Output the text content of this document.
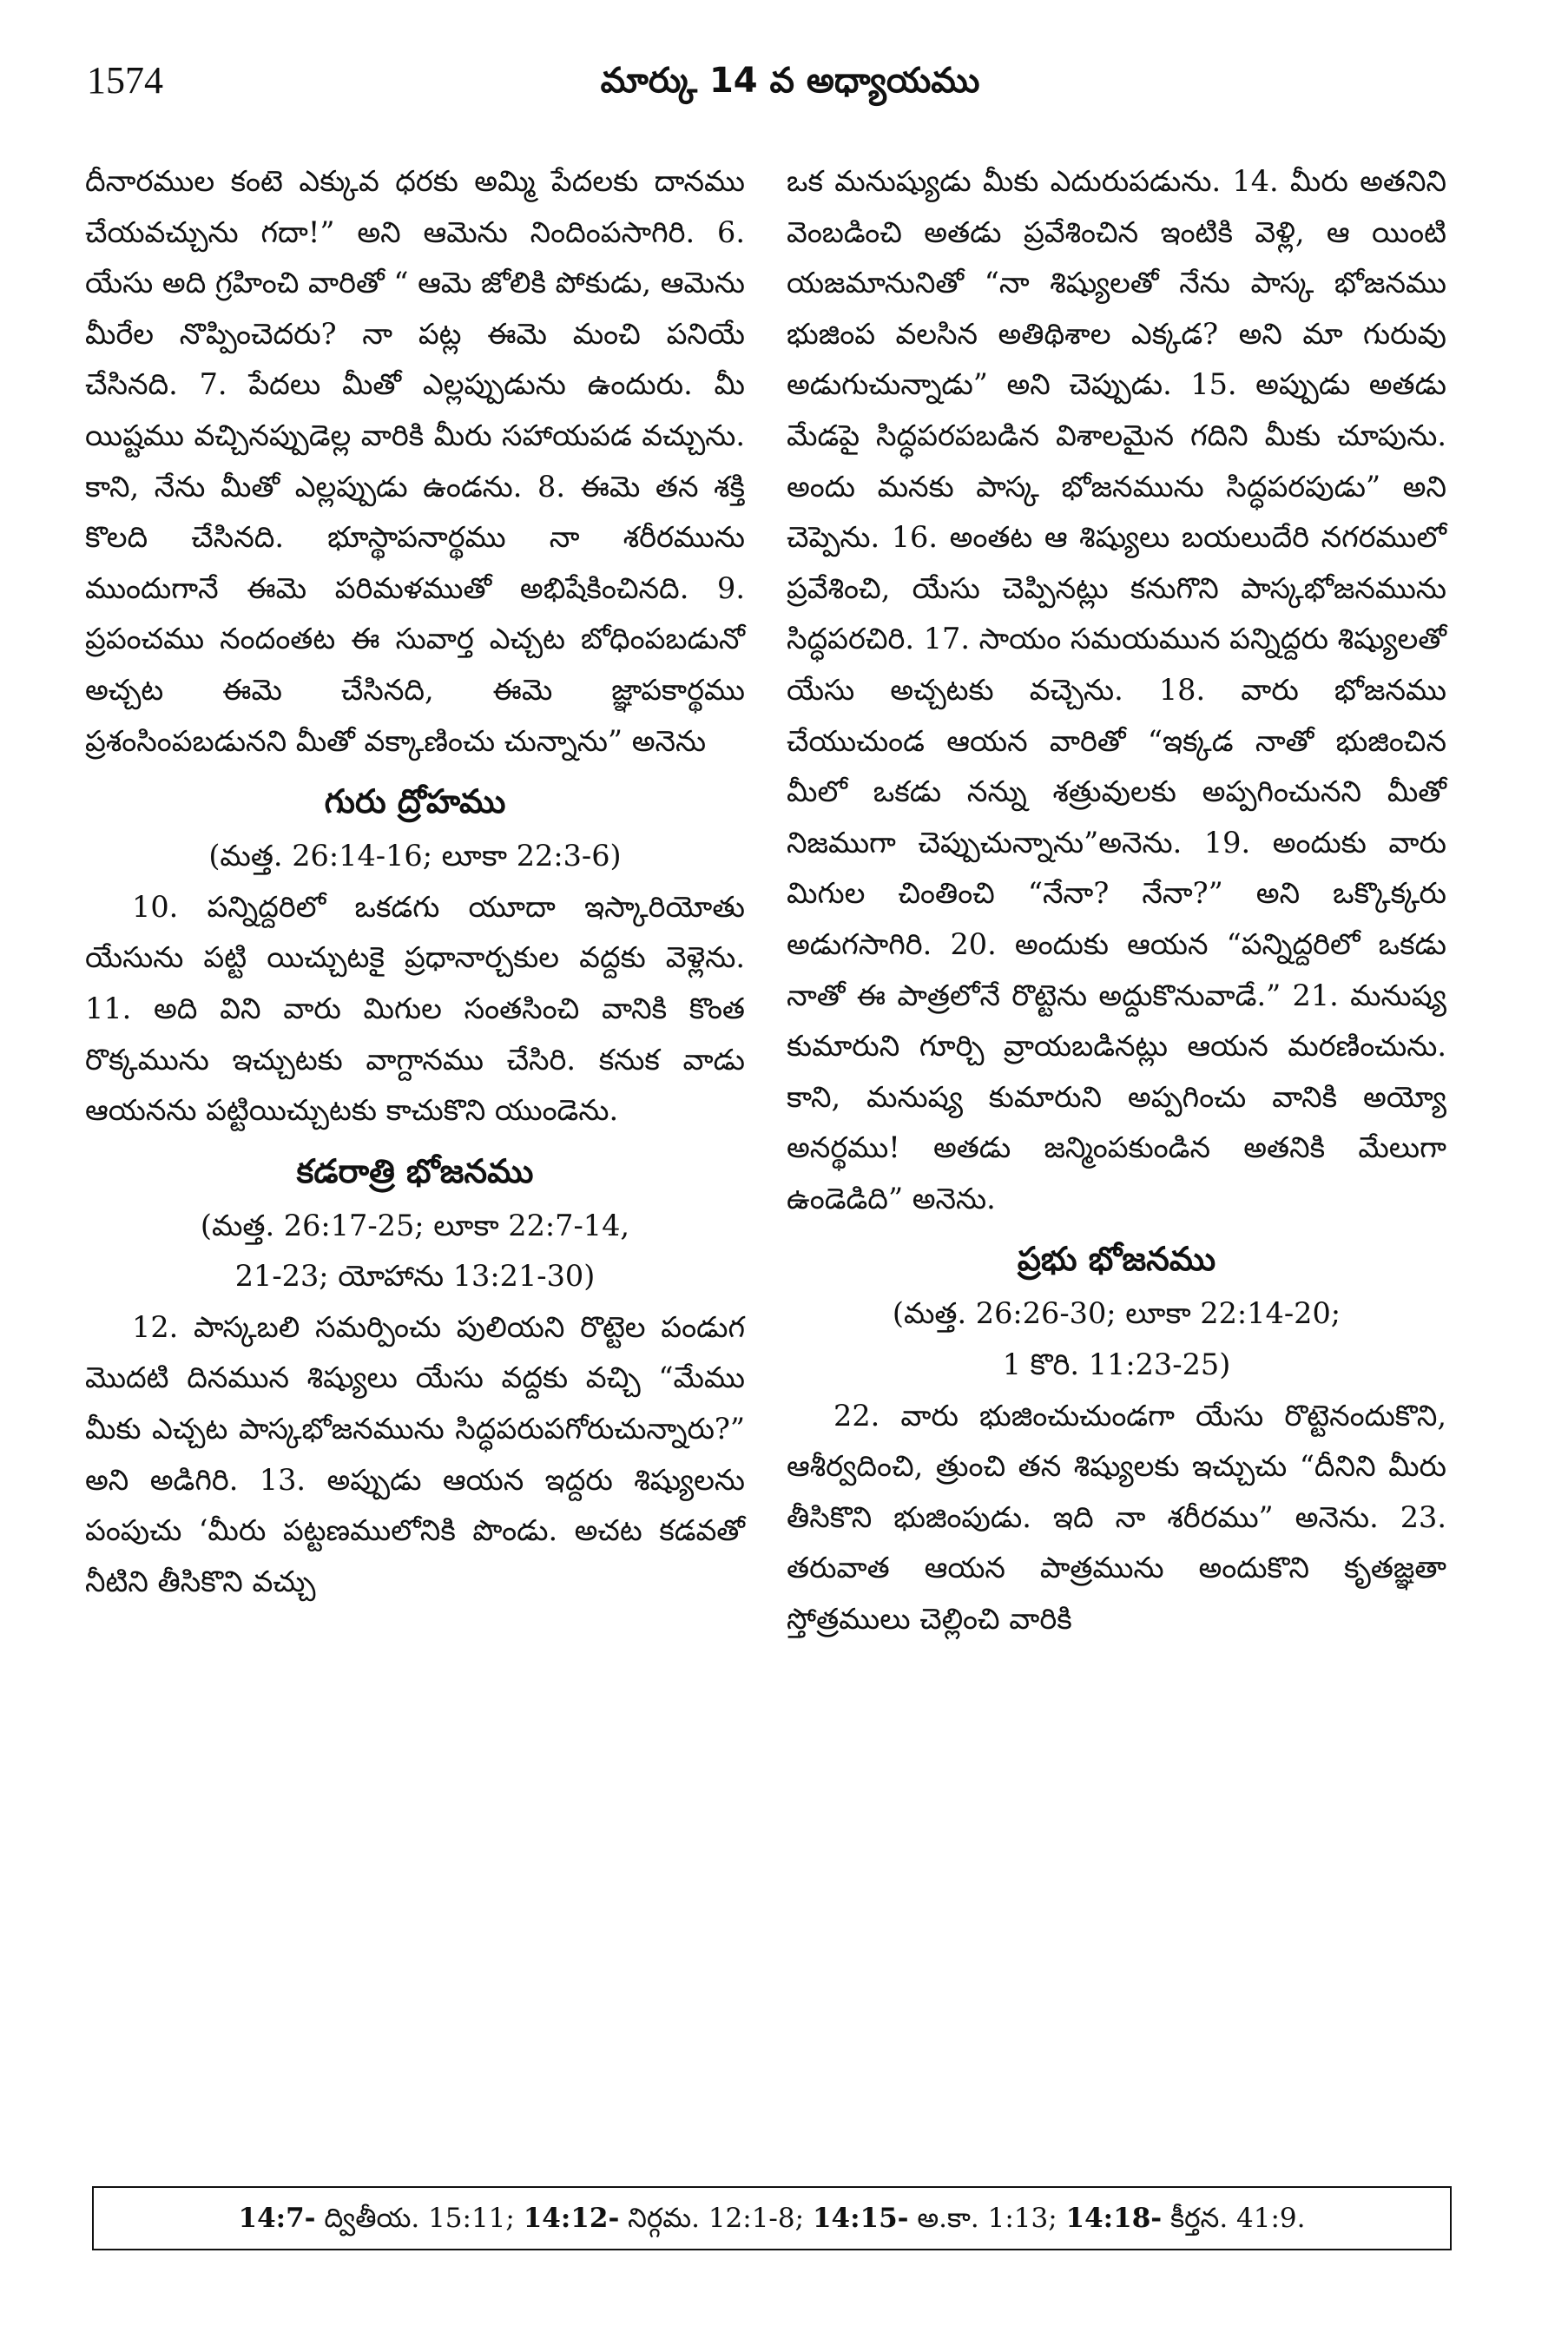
1574	మార్కు 14 వ అధ్యాయము

దీనారముల కంటె ఎక్కువ ధరకు అమ్మి పేదలకు దానము చేయవచ్చును గదా!” అని ఆమెను నిందింపసాగిరి. 6. యేసు అది గ్రహించి వారితో “ ఆమె జోలికి పోకుడు, ఆమెను మీరేల నొప్పించెదరు? నా పట్ల ఈమె మంచి పనియే చేసినది. 7. పేదలు మీతో ఎల్లప్పుడును ఉందురు. మీ యిష్టము వచ్చినప్పుడెల్ల వారికి మీరు సహాయపడ వచ్చును. కాని, నేను మీతో ఎల్లప్పుడు ఉండను. 8. ఈమె తన శక్తి కొలది చేసినది. భూస్థాపనార్థము నా శరీరమును ముందుగానే ఈమె పరిమళముతో అభిషేకించినది. 9. ప్రపంచము నందంతట ఈ సువార్త ఎచ్చట బోధింపబడునో అచ్చట ఈమె చేసినది, ఈమె జ్ఞాపకార్థము ప్రశంసింపబడునని మీతో వక్కాణించు చున్నాను” అనెను

గురు ద్రోహము

(మత్త. 26:14-16; లూకా 22:3-6)

10. పన్నిద్దరిలో ఒకడగు యూదా ఇస్కారియోతు యేసును పట్టి యిచ్చుటకై ప్రధానార్చకుల వద్దకు వెళ్లెను. 11. అది విని వారు మిగుల సంతసించి వానికి కొంత రొక్కమును ఇచ్చుటకు వాగ్దానము చేసిరి. కనుక వాడు ఆయనను పట్టియిచ్చుటకు కాచుకొని యుండెను.

కడరాత్రి భోజనము

(మత్త. 26:17-25; లూకా 22:7-14,

21-23; యోహాను 13:21-30)

12. పాస్కబలి సమర్పించు పులియని రొట్టెల పండుగ మొదటి దినమున శిష్యులు యేసు వద్దకు వచ్చి “మేము మీకు ఎచ్చట పాస్కభోజనమును సిద్ధపరుపగోరుచున్నారు?” అని అడిగిరి. 13. అప్పుడు ఆయన ఇద్దరు శిష్యులను పంపుచు ‘మీరు పట్టణములోనికి పొండు. అచట కడవతో నీటిని తీసికొని వచ్చు

ఒక మనుష్యుడు మీకు ఎదురుపడును. 14. మీరు అతనిని వెంబడించి అతడు ప్రవేశించిన ఇంటికి వెళ్లి, ఆ యింటి యజమానునితో “నా శిష్యులతో నేను పాస్క భోజనము భుజింప వలసిన అతిథిశాల ఎక్కడ? అని మా గురువు అడుగుచున్నాడు” అని చెప్పుడు. 15. అప్పుడు అతడు మేడపై సిద్ధపరపబడిన విశాలమైన గదిని మీకు చూపును. అందు మనకు పాస్క భోజనమును సిద్ధపరపుడు” అని చెప్పెను. 16. అంతట ఆ శిష్యులు బయలుదేరి నగరములో ప్రవేశించి, యేసు చెప్పినట్లు కనుగొని పాస్కభోజనమును సిద్ధపరచిరి. 17. సాయం సమయమున పన్నిద్దరు శిష్యులతో యేసు అచ్చటకు వచ్చెను. 18. వారు భోజనము చేయుచుండ ఆయన వారితో “ఇక్కడ నాతో భుజించిన మీలో ఒకడు నన్ను శత్రువులకు అప్పగించునని మీతో నిజముగా చెప్పుచున్నాను”అనెను. 19. అందుకు వారు మిగుల చింతించి “నేనా? నేనా?” అని ఒక్కొక్కరు అడుగసాగిరి. 20. అందుకు ఆయన “పన్నిద్దరిలో ఒకడు నాతో ఈ పాత్రలోనే రొట్టెను అద్దుకొనువాడే.” 21. మనుష్య కుమారుని గూర్చి వ్రాయబడినట్లు ఆయన మరణించును. కాని, మనుష్య కుమారుని అప్పగించు వానికి అయ్యో అనర్థము! అతడు జన్మింపకుండిన అతనికి మేలుగా ఉండెడిది” అనెను.

ప్రభు భోజనము

(మత్త. 26:26-30; లూకా 22:14-20;

1 కొరి. 11:23-25)

22. వారు భుజించుచుండగా యేసు రొట్టెనందుకొని, ఆశీర్వదించి, త్రుంచి తన శిష్యులకు ఇచ్చుచు “దీనిని మీరు తీసికొని భుజింపుడు. ఇది నా శరీరము” అనెను. 23. తరువాత ఆయన పాత్రమును అందుకొని కృతజ్ఞతా స్తోత్రములు చెల్లించి వారికి

14:7- ద్వితీయ. 15:11; 14:12- నిర్గమ. 12:1-8; 14:15- అ.కా. 1:13; 14:18- కీర్తన. 41:9.
